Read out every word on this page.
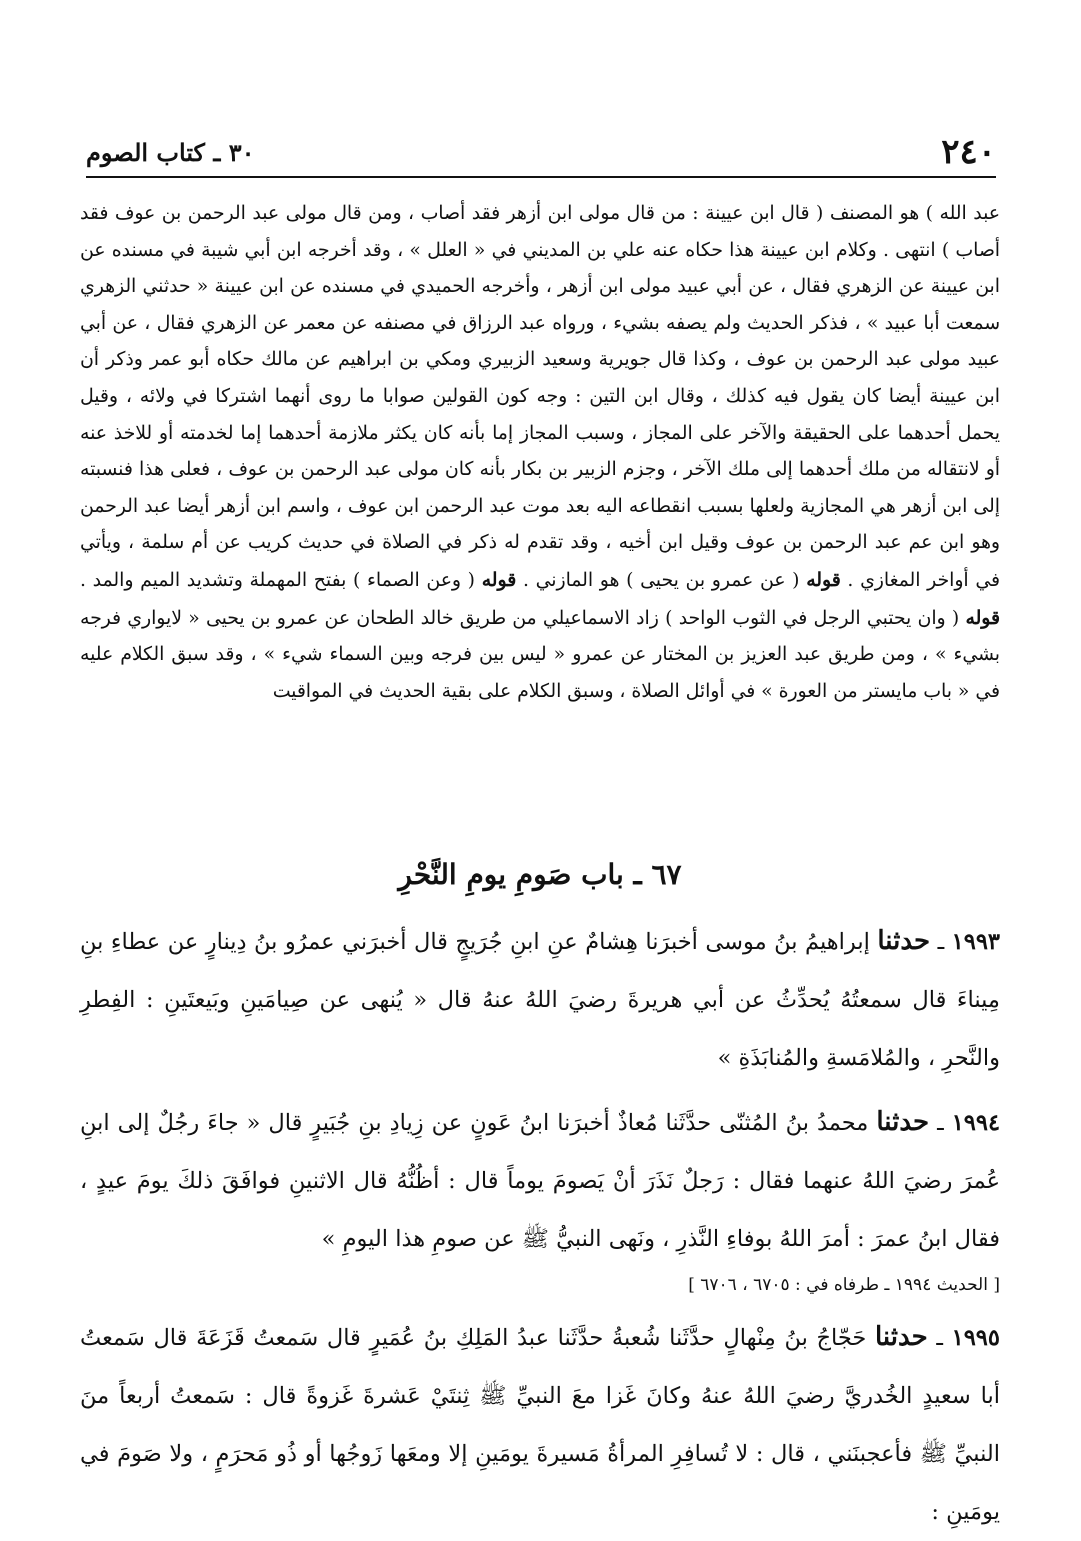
٢٤٠
٣٠ ـ كتاب الصوم

عبد الله ) هو المصنف ( قال ابن عيينة : من قال مولى ابن أزهر فقد أصاب ، ومن قال مولى عبد الرحمن بن عوف فقد أصاب ) انتهى . وكلام ابن عيينة هذا حكاه عنه علي بن المديني في « العلل » ، وقد أخرجه ابن أبي شيبة في مسنده عن ابن عيينة عن الزهري فقال ، عن أبي عبيد مولى ابن أزهر ، وأخرجه الحميدي في مسنده عن ابن عيينة « حدثني الزهري سمعت أبا عبيد » ، فذكر الحديث ولم يصفه بشيء ، ورواه عبد الرزاق في مصنفه عن معمر عن الزهري فقال ، عن أبي عبيد مولى عبد الرحمن بن عوف ، وكذا قال جويرية وسعيد الزبيري ومكي بن ابراهيم عن مالك حكاه أبو عمر وذكر أن ابن عيينة أيضا كان يقول فيه كذلك ، وقال ابن التين : وجه كون القولين صوابا ما روى أنهما اشتركا في ولائه ، وقيل يحمل أحدهما على الحقيقة والآخر على المجاز ، وسبب المجاز إما بأنه كان يكثر ملازمة أحدهما إما لخدمته أو للاخذ عنه أو لانتقاله من ملك أحدهما إلى ملك الآخر ، وجزم الزبير بن بكار بأنه كان مولى عبد الرحمن بن عوف ، فعلى هذا فنسبته إلى ابن أزهر هي المجازية ولعلها بسبب انقطاعه اليه بعد موت عبد الرحمن ابن عوف ، واسم ابن أزهر أيضا عبد الرحمن وهو ابن عم عبد الرحمن بن عوف وقيل ابن أخيه ، وقد تقدم له ذكر في الصلاة في حديث كريب عن أم سلمة ، ويأتي في أواخر المغازي . قوله ( عن عمرو بن يحيى ) هو المازني . قوله ( وعن الصماء ) بفتح المهملة وتشديد الميم والمد . قوله ( وان يحتبي الرجل في الثوب الواحد ) زاد الاسماعيلي من طريق خالد الطحان عن عمرو بن يحيى « لايواري فرجه بشيء » ، ومن طريق عبد العزيز بن المختار عن عمرو « ليس بين فرجه وبين السماء شيء » ، وقد سبق الكلام عليه في « باب مايستر من العورة » في أوائل الصلاة ، وسبق الكلام على بقية الحديث في المواقيت

٦٧ ـ باب صَومِ يومِ النَّحْرِ

١٩٩٣ ـ حدثنا إبراهيمُ بنُ موسى أخبرَنا هِشامٌ عنِ ابنِ جُرَيجٍ قال أخبرَني عمرُو بنُ دِينارٍ عن عطاءِ بنِ مِيناءَ قال سمعتُهُ يُحدِّثُ عن أبي هريرةَ رضيَ اللهُ عنهُ قال « يُنهى عن صِيامَينِ وبَيعتَينِ : الفِطرِ والنَّحرِ ، والمُلامَسةِ والمُنابَذَةِ »

١٩٩٤ ـ حدثنا محمدُ بنُ المُثنّى حدَّثَنا مُعاذٌ أخبرَنا ابنُ عَونٍ عن زِيادِ بنِ جُبَيرٍ قال « جاءَ رجُلٌ إلى ابنِ عُمرَ رضيَ اللهُ عنهما فقال : رَجلٌ نَذَرَ أنْ يَصومَ يوماً قال : أظُنُّهُ قال الاثنينِ فوافَقَ ذلكَ يومَ عيدٍ ، فقال ابنُ عمرَ : أمرَ اللهُ بوفاءِ النَّذرِ ، ونَهى النبيُّ ﷺ عن صومِ هذا اليومِ »

[ الحديث ١٩٩٤ ـ طرفاه في : ٦٧٠٥ ، ٦٧٠٦ ]

١٩٩٥ ـ حدثنا حَجّاجُ بنُ مِنْهالٍ حدَّثَنا شُعبةُ حدَّثَنا عبدُ المَلِكِ بنُ عُمَيرٍ قال سَمعتُ قَزَعَةَ قال سَمعتُ أبا سعيدٍ الخُدريَّ رضيَ اللهُ عنهُ وكانَ غَزا معَ النبيِّ ﷺ ثِنتَيْ عَشرةَ غَزوةً قال : سَمعتُ أربعاً منَ النبيِّ ﷺ فأعجبنَني ، قال : لا تُسافِرِ المرأةُ مَسيرةَ يومَينِ إلا ومعَها زَوجُها أو ذُو مَحرَمٍ ، ولا صَومَ في يومَينِ :
